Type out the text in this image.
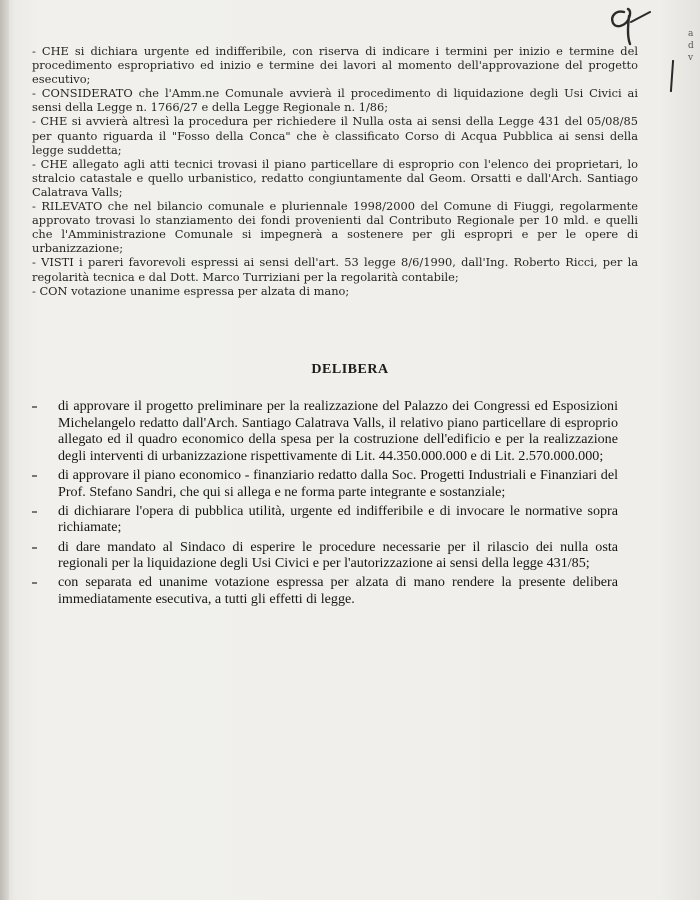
a
d
v
- CHE si dichiara urgente ed indifferibile, con riserva di indicare i termini per inizio e termine del procedimento espropriativo ed inizio e termine dei lavori al momento dell'approvazione del progetto esecutivo;
- CONSIDERATO che l'Amm.ne Comunale avvierà il procedimento di liquidazione degli Usi Civici ai sensi della Legge n. 1766/27 e della Legge Regionale n. 1/86;
- CHE si avvierà altresì la procedura per richiedere il Nulla osta ai sensi della Legge 431 del 05/08/85 per quanto riguarda il "Fosso della Conca" che è classificato Corso di Acqua Pubblica ai sensi della legge suddetta;
- CHE allegato agli atti tecnici trovasi il piano particellare di esproprio con l'elenco dei proprietari, lo stralcio catastale e quello urbanistico, redatto congiuntamente dal Geom. Orsatti e dall'Arch. Santiago Calatrava Valls;
- RILEVATO che nel bilancio comunale e pluriennale 1998/2000 del Comune di Fiuggi, regolarmente approvato trovasi lo stanziamento dei fondi provenienti dal Contributo Regionale per 10 mld. e quelli che l'Amministrazione Comunale si impegnerà a sostenere per gli espropri e per le opere di urbanizzazione;
- VISTI i pareri favorevoli espressi ai sensi dell'art. 53 legge 8/6/1990, dall'Ing. Roberto Ricci, per la regolarità tecnica e dal Dott. Marco Turriziani per la regolarità contabile;
- CON votazione unanime espressa per alzata di mano;
DELIBERA
di approvare il progetto preliminare per la realizzazione del Palazzo dei Congressi ed Esposizioni Michelangelo redatto dall'Arch. Santiago Calatrava Valls, il relativo piano particellare di esproprio allegato ed il quadro economico della spesa per la costruzione dell'edificio e per la realizzazione degli interventi di urbanizzazione rispettivamente di Lit. 44.350.000.000 e di Lit. 2.570.000.000;
di approvare il piano economico - finanziario redatto dalla Soc. Progetti Industriali e Finanziari del Prof. Stefano Sandri, che qui si allega e ne forma parte integrante e sostanziale;
di dichiarare l'opera di pubblica utilità, urgente ed indifferibile e di invocare le normative sopra richiamate;
di dare mandato al Sindaco di esperire le procedure necessarie per il rilascio dei nulla osta regionali per la liquidazione degli Usi Civici e per l'autorizzazione ai sensi della legge 431/85;
con separata ed unanime votazione espressa per alzata di mano rendere la presente delibera immediatamente esecutiva, a tutti gli effetti di legge.
